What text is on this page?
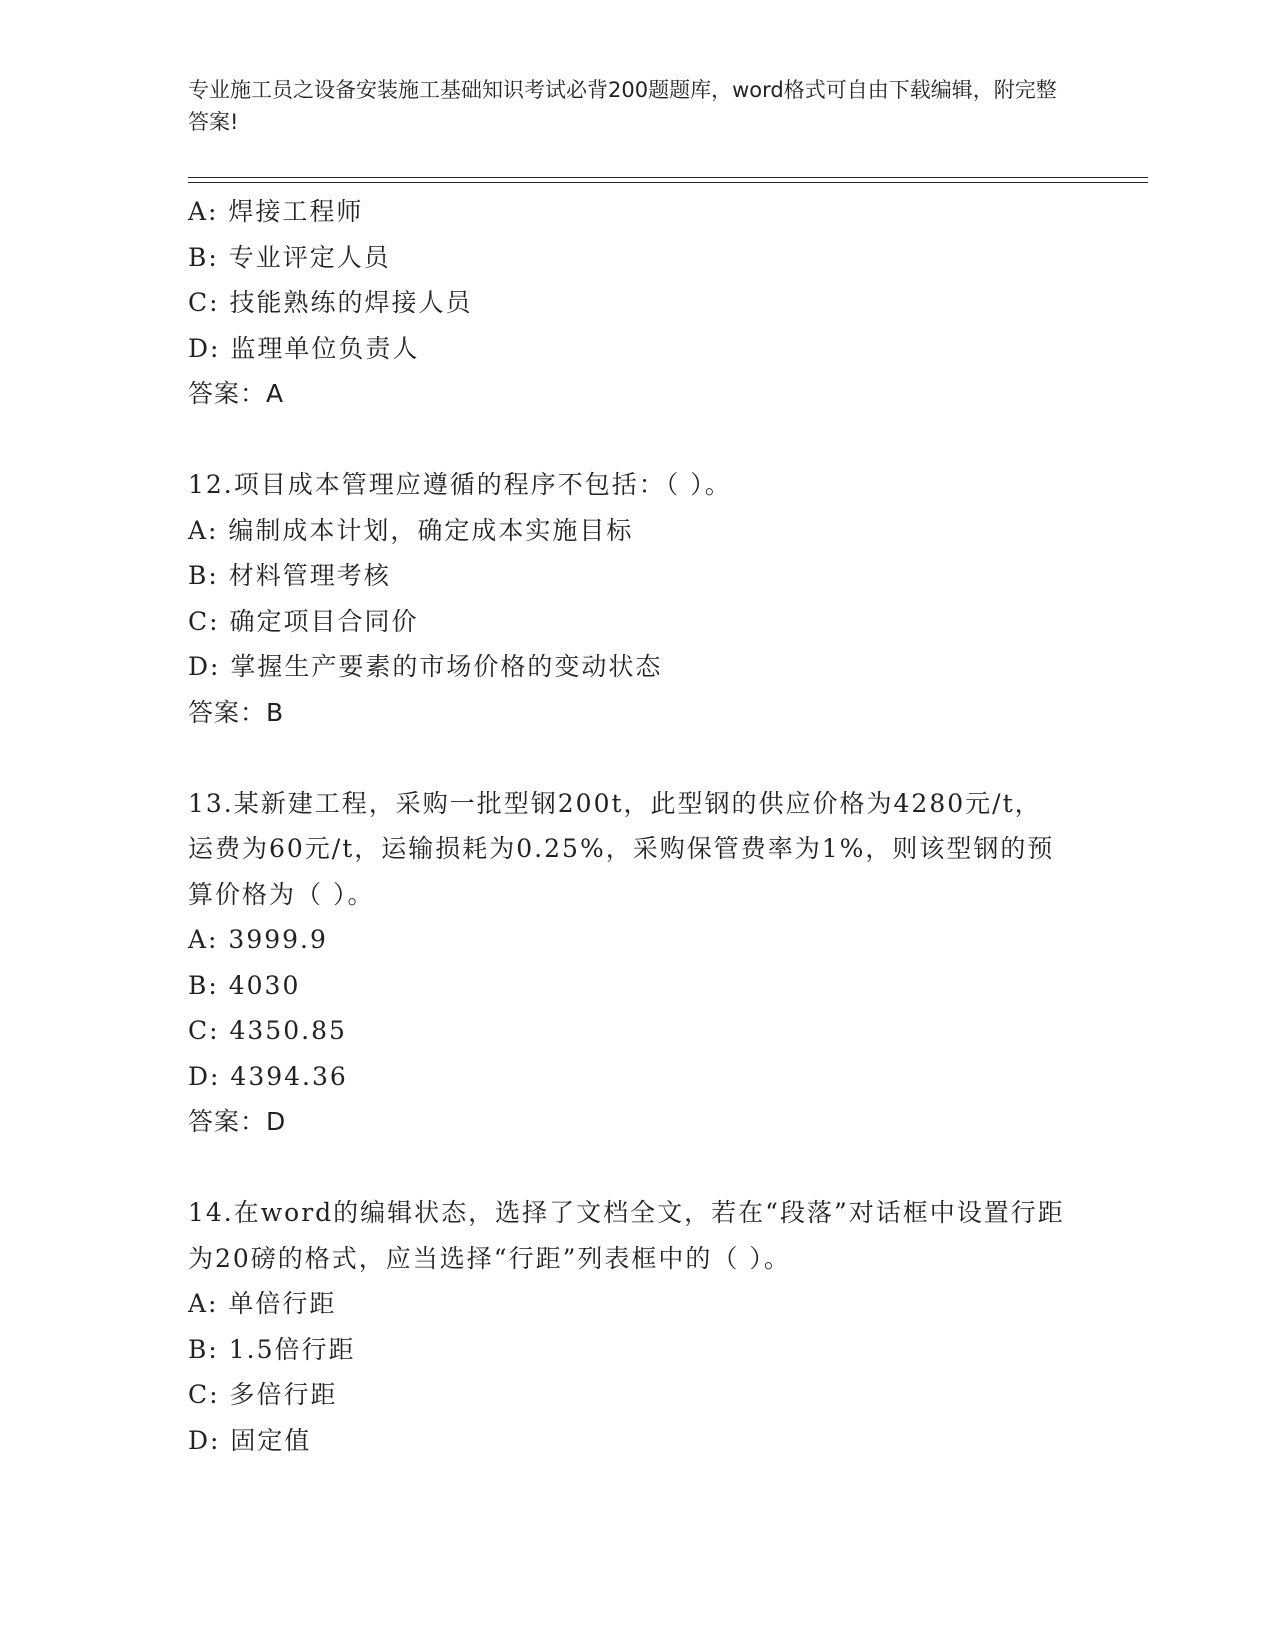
专业施工员之设备安装施工基础知识考试必背200题题库，word格式可自由下载编辑，附完整答案!
A: 焊接工程师
B: 专业评定人员
C: 技能熟练的焊接人员
D: 监理单位负责人
答案：A
12.项目成本管理应遵循的程序不包括：（ ）。
A: 编制成本计划，确定成本实施目标
B: 材料管理考核
C: 确定项目合同价
D: 掌握生产要素的市场价格的变动状态
答案：B
13.某新建工程，采购一批型钢200t，此型钢的供应价格为4280元/t，运费为60元/t，运输损耗为0.25%，采购保管费率为1%，则该型钢的预算价格为（ ）。
A: 3999.9
B: 4030
C: 4350.85
D: 4394.36
答案：D
14.在word的编辑状态，选择了文档全文，若在“段落”对话框中设置行距为20磅的格式，应当选择“行距”列表框中的（ ）。
A: 单倍行距
B: 1.5倍行距
C: 多倍行距
D: 固定值
